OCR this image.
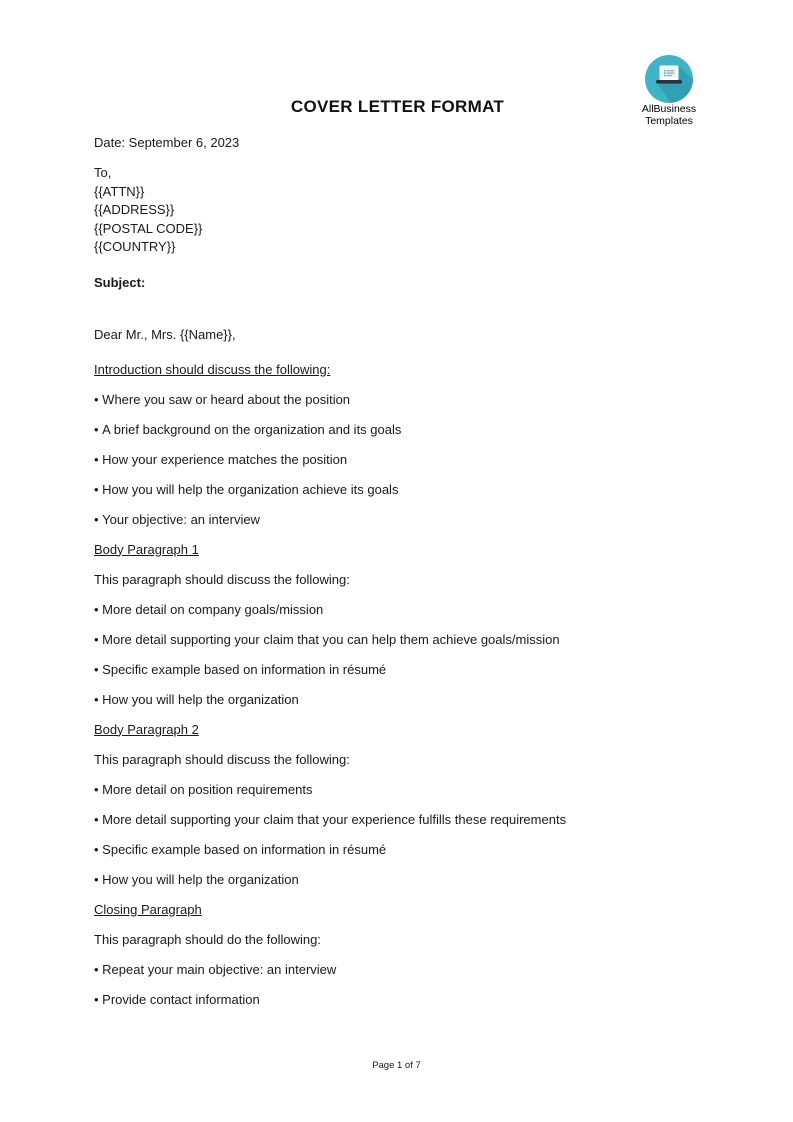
AllBusiness
Templates
COVER LETTER FORMAT

Date: September 6, 2023

To,
{{ATTN}}
{{ADDRESS}}
{{POSTAL CODE}}
{{COUNTRY}}

Subject:

Dear Mr., Mrs. {{Name}},

Introduction should discuss the following:

• Where you saw or heard about the position

• A brief background on the organization and its goals

• How your experience matches the position

• How you will help the organization achieve its goals

• Your objective: an interview

Body Paragraph 1

This paragraph should discuss the following:

• More detail on company goals/mission

• More detail supporting your claim that you can help them achieve goals/mission

• Specific example based on information in résumé

• How you will help the organization

Body Paragraph 2

This paragraph should discuss the following:

• More detail on position requirements

• More detail supporting your claim that your experience fulfills these requirements

• Specific example based on information in résumé

• How you will help the organization

Closing Paragraph

This paragraph should do the following:

• Repeat your main objective: an interview

• Provide contact information

Page 1 of 7
